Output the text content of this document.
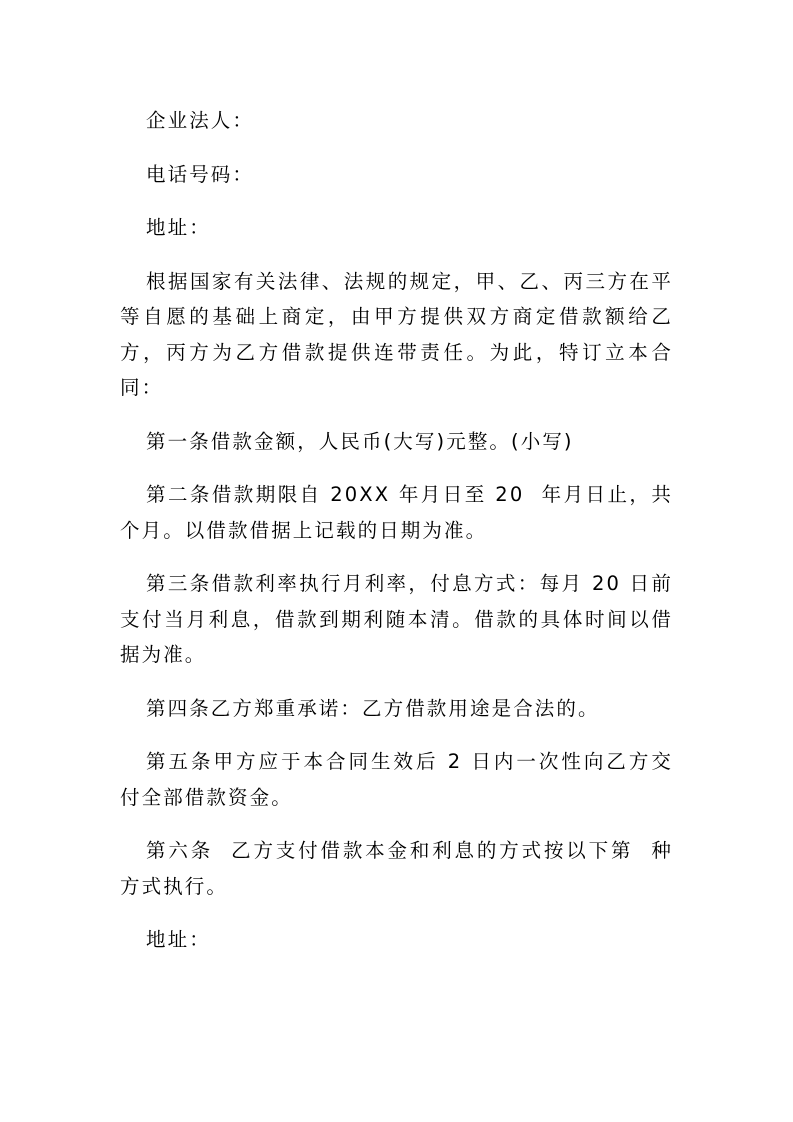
企业法人：

电话号码：

地址：

根据国家有关法律、法规的规定，甲、乙、丙三方在平等自愿的基础上商定，由甲方提供双方商定借款额给乙方，丙方为乙方借款提供连带责任。为此，特订立本合同：

第一条借款金额，人民币(大写)元整。(小写)

第二条借款期限自 20XX 年月日至 20  年月日止，共个月。以借款借据上记载的日期为准。

第三条借款利率执行月利率，付息方式：每月 20 日前支付当月利息，借款到期利随本清。借款的具体时间以借据为准。

第四条乙方郑重承诺：乙方借款用途是合法的。

第五条甲方应于本合同生效后 2 日内一次性向乙方交付全部借款资金。

第六条  乙方支付借款本金和利息的方式按以下第  种方式执行。

地址：
